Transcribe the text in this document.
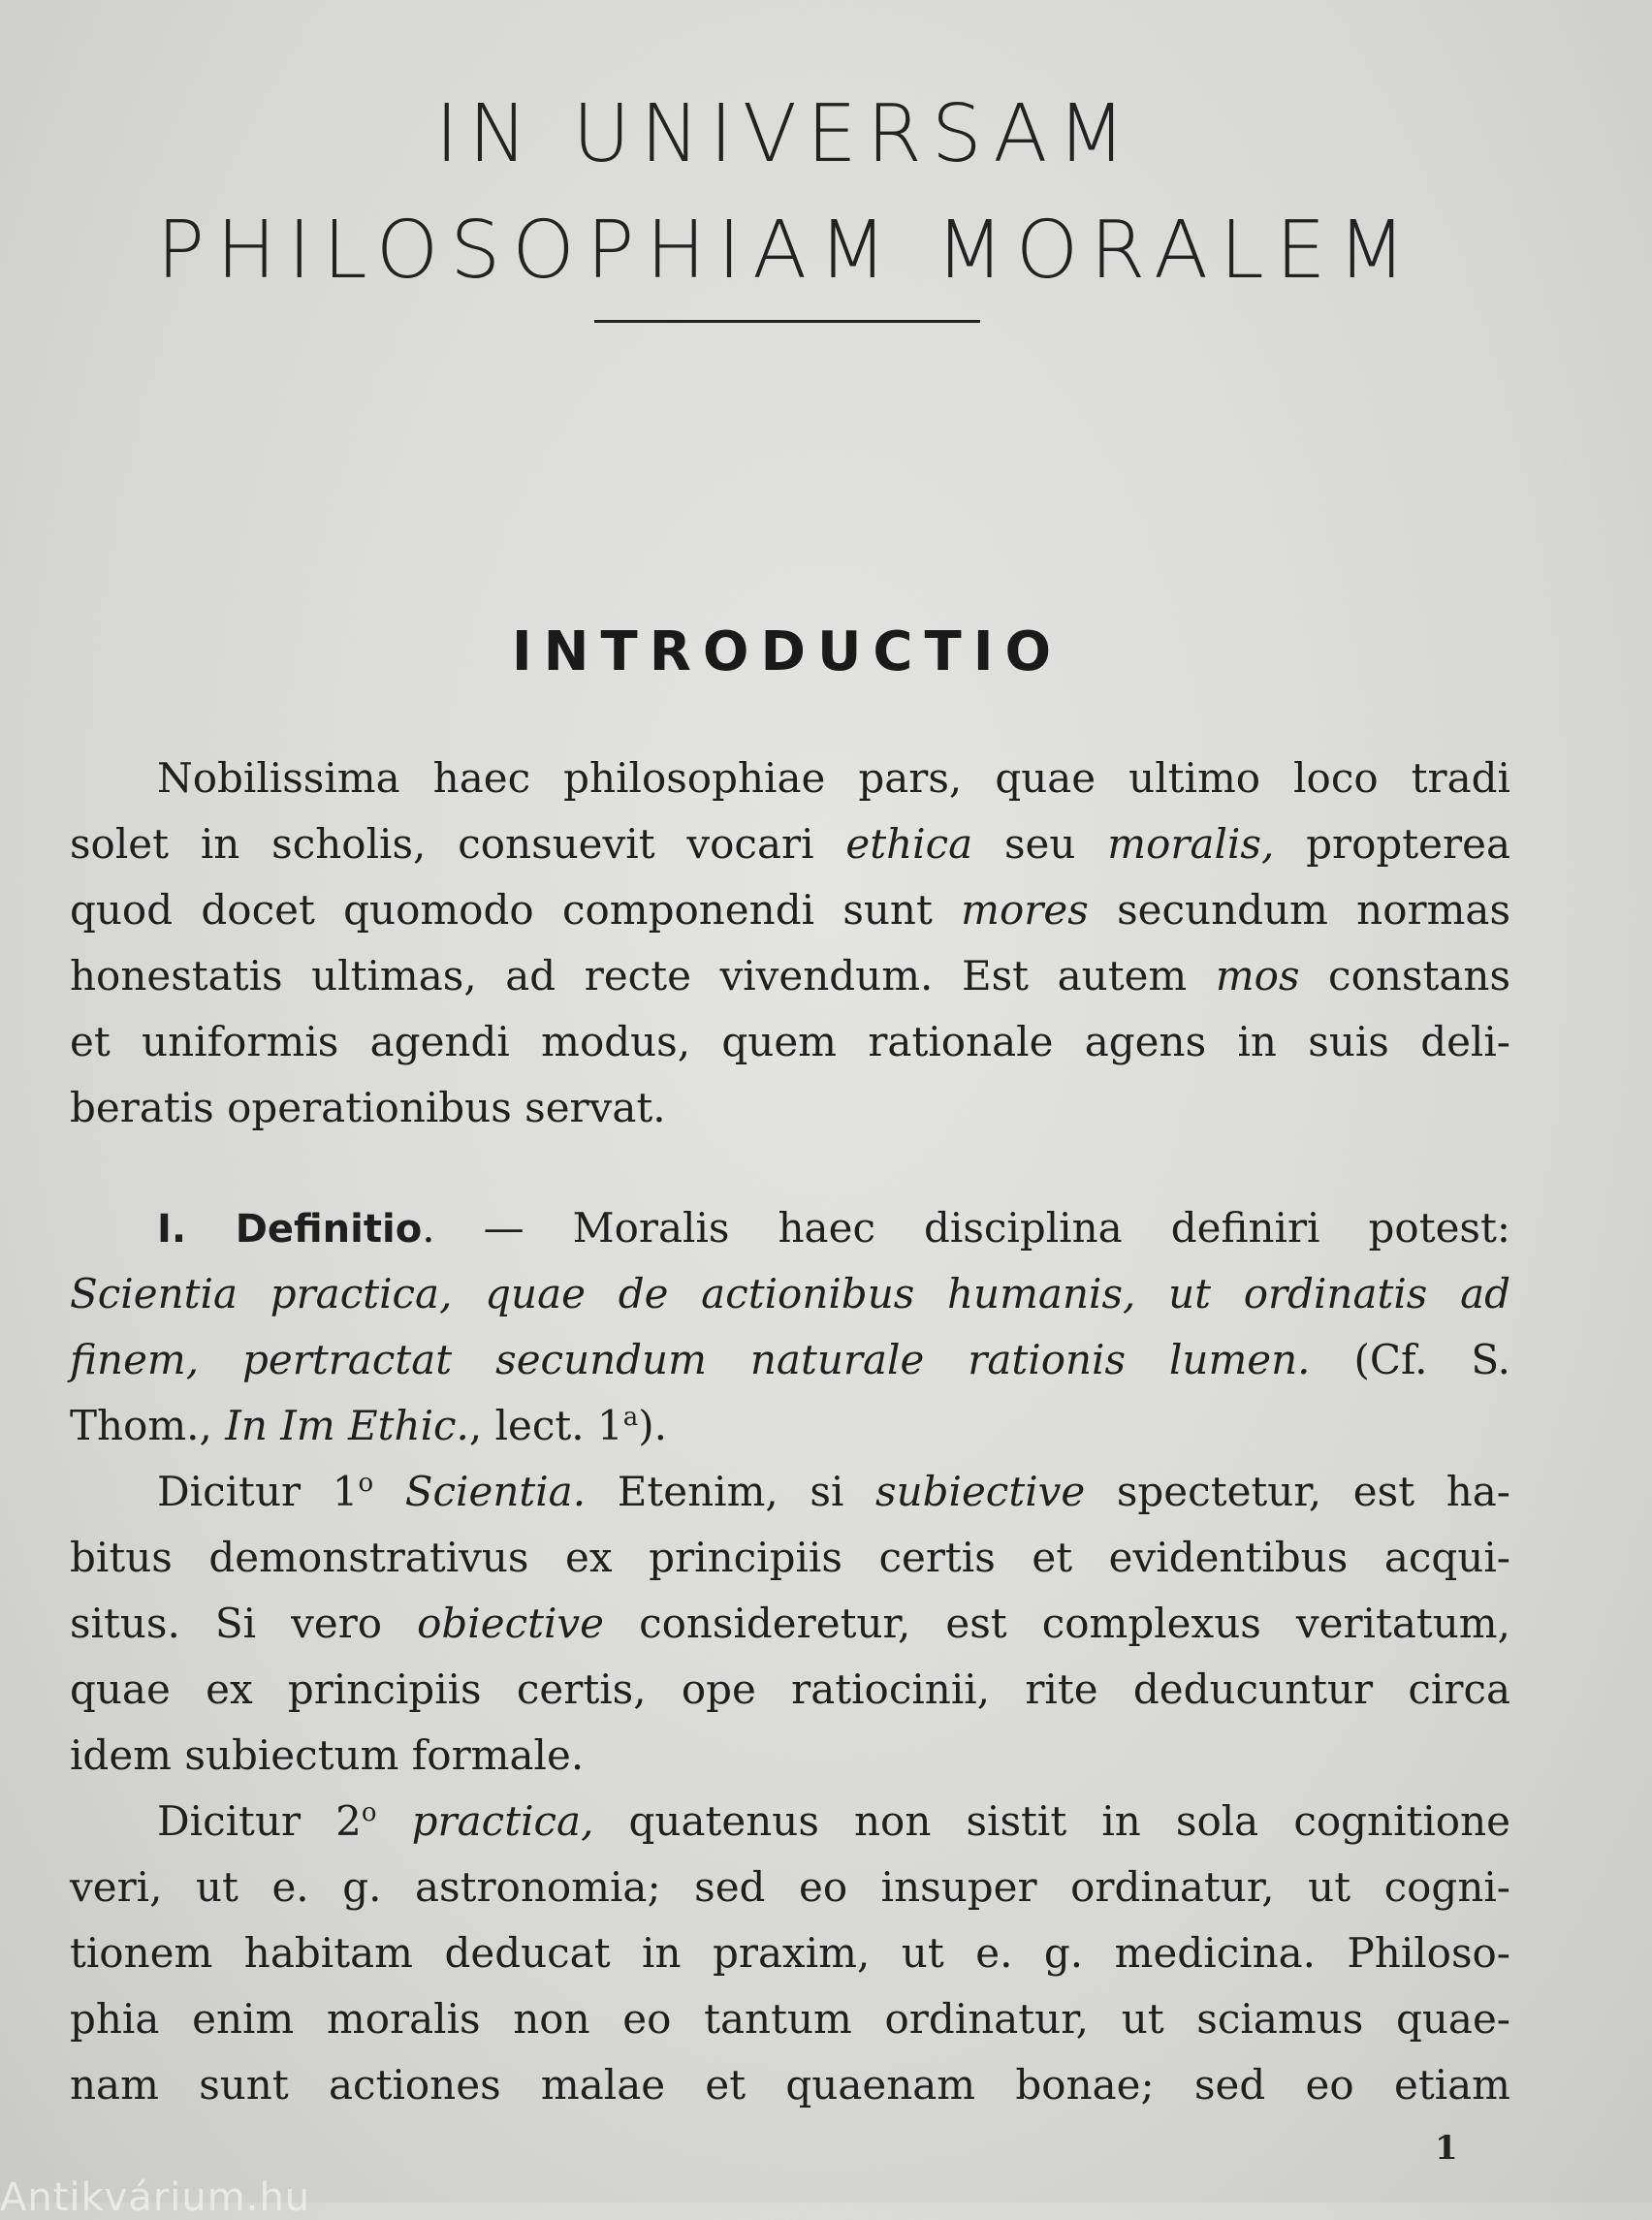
IN UNIVERSAM
PHILOSOPHIAM MORALEM
INTRODUCTIO
Nobilissima haec philosophiae pars, quae ultimo loco tradi
solet in scholis, consuevit vocari ethica seu moralis, propterea
quod docet quomodo componendi sunt mores secundum normas
honestatis ultimas, ad recte vivendum. Est autem mos constans
et uniformis agendi modus, quem rationale agens in suis deli-
beratis operationibus servat.
I. Definitio. — Moralis haec disciplina definiri potest:
Scientia practica, quae de actionibus humanis, ut ordinatis ad
finem, pertractat secundum naturale rationis lumen. (Cf. S.
Thom., In Im Ethic., lect. 1$^a$).
Dicitur 1$^o$ Scientia. Etenim, si subiective spectetur, est ha-
bitus demonstrativus ex principiis certis et evidentibus acqui-
situs. Si vero obiective consideretur, est complexus veritatum,
quae ex principiis certis, ope ratiocinii, rite deducuntur circa
idem subiectum formale.
Dicitur 2$^o$ practica, quatenus non sistit in sola cognitione
veri, ut e. g. astronomia; sed eo insuper ordinatur, ut cogni-
tionem habitam deducat in praxim, ut e. g. medicina. Philoso-
phia enim moralis non eo tantum ordinatur, ut sciamus quae-
nam sunt actiones malae et quaenam bonae; sed eo etiam
1
Antikvárium.hu
